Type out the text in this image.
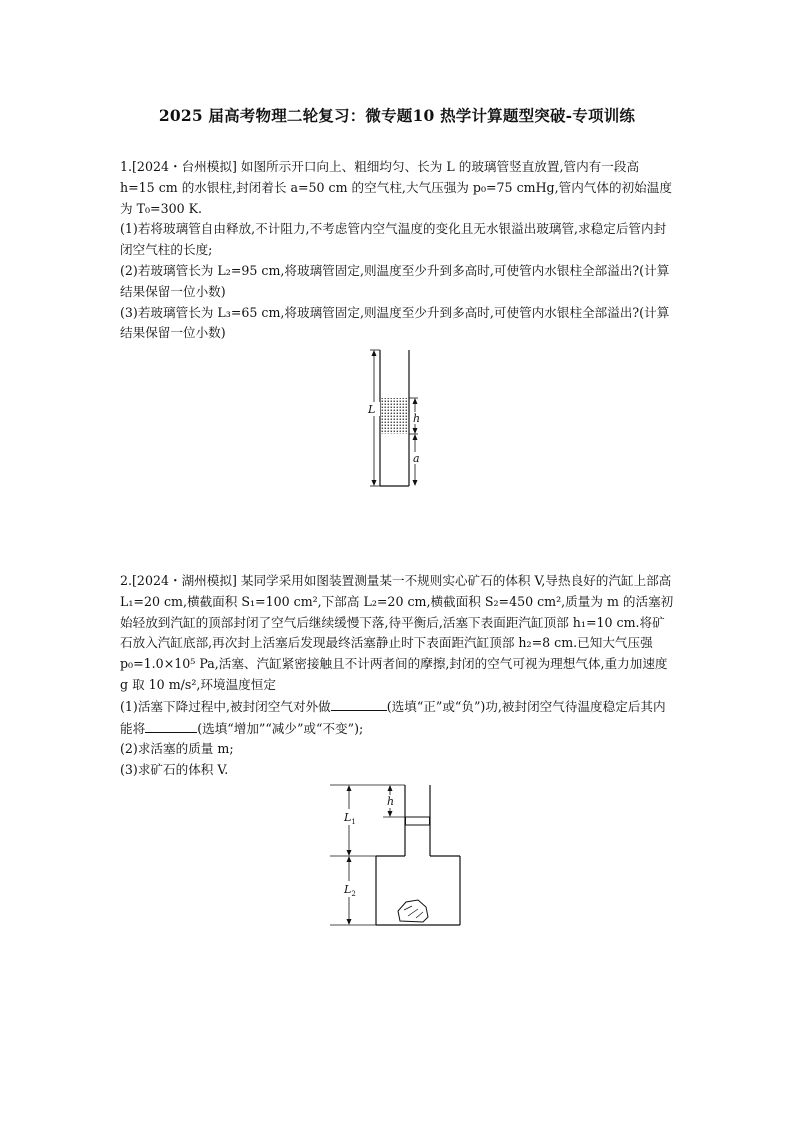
2025 届高考物理二轮复习：微专题10 热学计算题型突破-专项训练

1.[2024・台州模拟] 如图所示开口向上、粗细均匀、长为 L 的玻璃管竖直放置,管内有一段高 h=15 cm 的水银柱,封闭着长 a=50 cm 的空气柱,大气压强为 p₀=75 cmHg,管内气体的初始温度为 T₀=300 K.

(1)若将玻璃管自由释放,不计阻力,不考虑管内空气温度的变化且无水银溢出玻璃管,求稳定后管内封闭空气柱的长度;

(2)若玻璃管长为 L₂=95 cm,将玻璃管固定,则温度至少升到多高时,可使管内水银柱全部溢出?(计算结果保留一位小数)

(3)若玻璃管长为 L₃=65 cm,将玻璃管固定,则温度至少升到多高时,可使管内水银柱全部溢出?(计算结果保留一位小数)

L
h
a

2.[2024・湖州模拟] 某同学采用如图装置测量某一不规则实心矿石的体积 V,导热良好的汽缸上部高 L₁=20 cm,横截面积 S₁=100 cm²,下部高 L₂=20 cm,横截面积 S₂=450 cm²,质量为 m 的活塞初始轻放到汽缸的顶部封闭了空气后继续缓慢下落,待平衡后,活塞下表面距汽缸顶部 h₁=10 cm.将矿石放入汽缸底部,再次封上活塞后发现最终活塞静止时下表面距汽缸顶部 h₂=8 cm.已知大气压强 p₀=1.0×10⁵ Pa,活塞、汽缸紧密接触且不计两者间的摩擦,封闭的空气可视为理想气体,重力加速度 g 取 10 m/s²,环境温度恒定

(1)活塞下降过程中,被封闭空气对外做	(选填“正”或“负”)功,被封闭空气待温度稳定后其内能将	(选填“增加”“减少”或“不变”);

(2)求活塞的质量 m;

(3)求矿石的体积 V.

$L_1$
$L_2$
h
